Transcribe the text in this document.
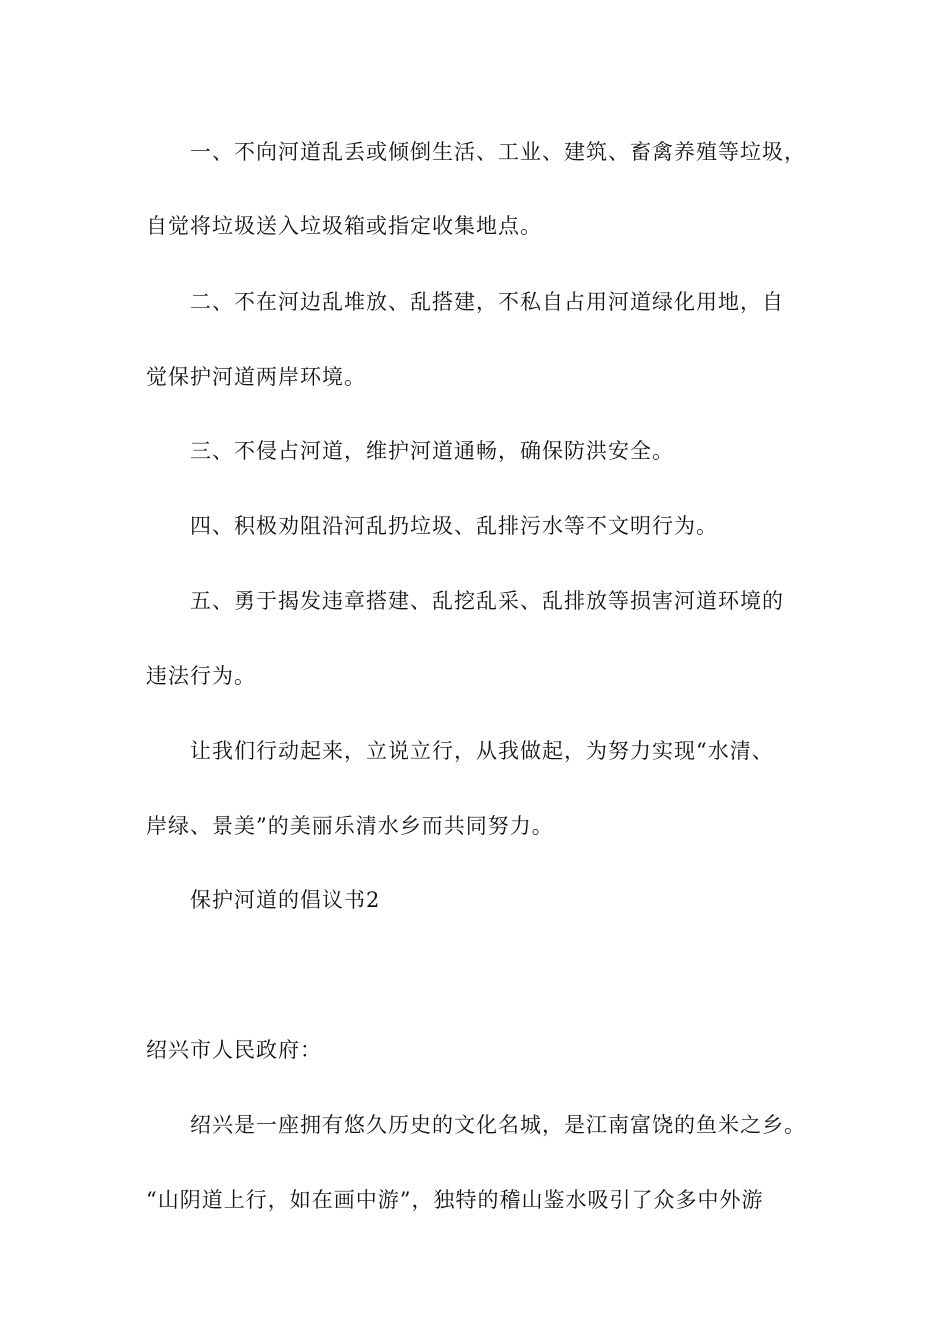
一、不向河道乱丢或倾倒生活、工业、建筑、畜禽养殖等垃圾，
自觉将垃圾送入垃圾箱或指定收集地点。
二、不在河边乱堆放、乱搭建，不私自占用河道绿化用地，自
觉保护河道两岸环境。
三、不侵占河道，维护河道通畅，确保防洪安全。
四、积极劝阻沿河乱扔垃圾、乱排污水等不文明行为。
五、勇于揭发违章搭建、乱挖乱采、乱排放等损害河道环境的
违法行为。
让我们行动起来，立说立行，从我做起，为努力实现“水清、
岸绿、景美”的美丽乐清水乡而共同努力。
保护河道的倡议书2
绍兴市人民政府：
绍兴是一座拥有悠久历史的文化名城，是江南富饶的鱼米之乡。
“山阴道上行，如在画中游”，独特的稽山鉴水吸引了众多中外游
